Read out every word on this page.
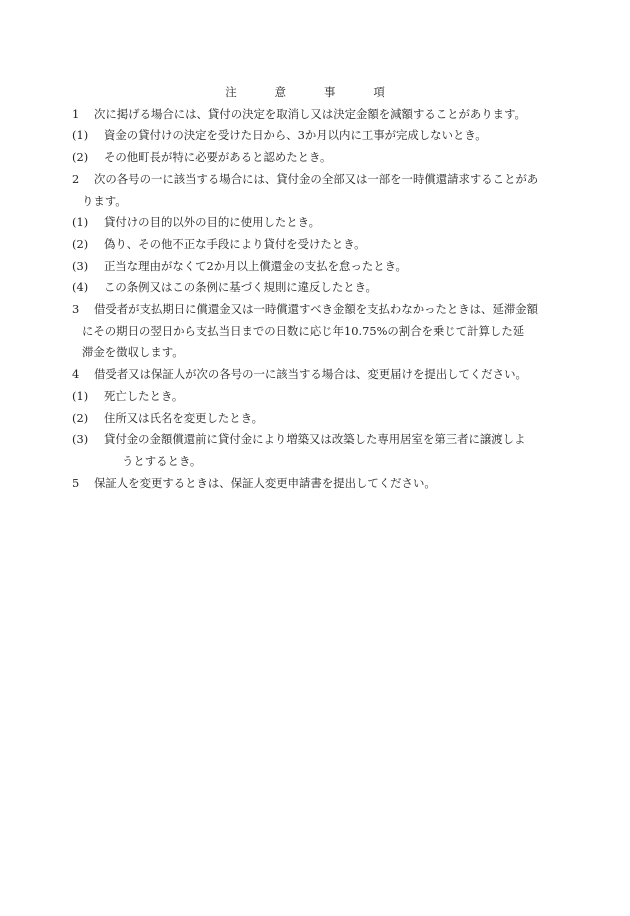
注	意	事	項
1	次に掲げる場合には、貸付の決定を取消し又は決定金額を減額することがあります。
(1)	資金の貸付けの決定を受けた日から、3か月以内に工事が完成しないとき。
(2)	その他町長が特に必要があると認めたとき。
2	次の各号の一に該当する場合には、貸付金の全部又は一部を一時償還請求することがあ
ります。
(1)	貸付けの目的以外の目的に使用したとき。
(2)	偽り、その他不正な手段により貸付を受けたとき。
(3)	正当な理由がなくて2か月以上償還金の支払を怠ったとき。
(4)	この条例又はこの条例に基づく規則に違反したとき。
3	借受者が支払期日に償還金又は一時償還すべき金額を支払わなかったときは、延滞金額
にその期日の翌日から支払当日までの日数に応じ年10.75%の割合を乗じて計算した延
滞金を徴収します。
4	借受者又は保証人が次の各号の一に該当する場合は、変更届けを提出してください。
(1)	死亡したとき。
(2)	住所又は氏名を変更したとき。
(3)	貸付金の金額償還前に貸付金により増築又は改築した専用居室を第三者に譲渡しよ
うとするとき。
5	保証人を変更するときは、保証人変更申請書を提出してください。
